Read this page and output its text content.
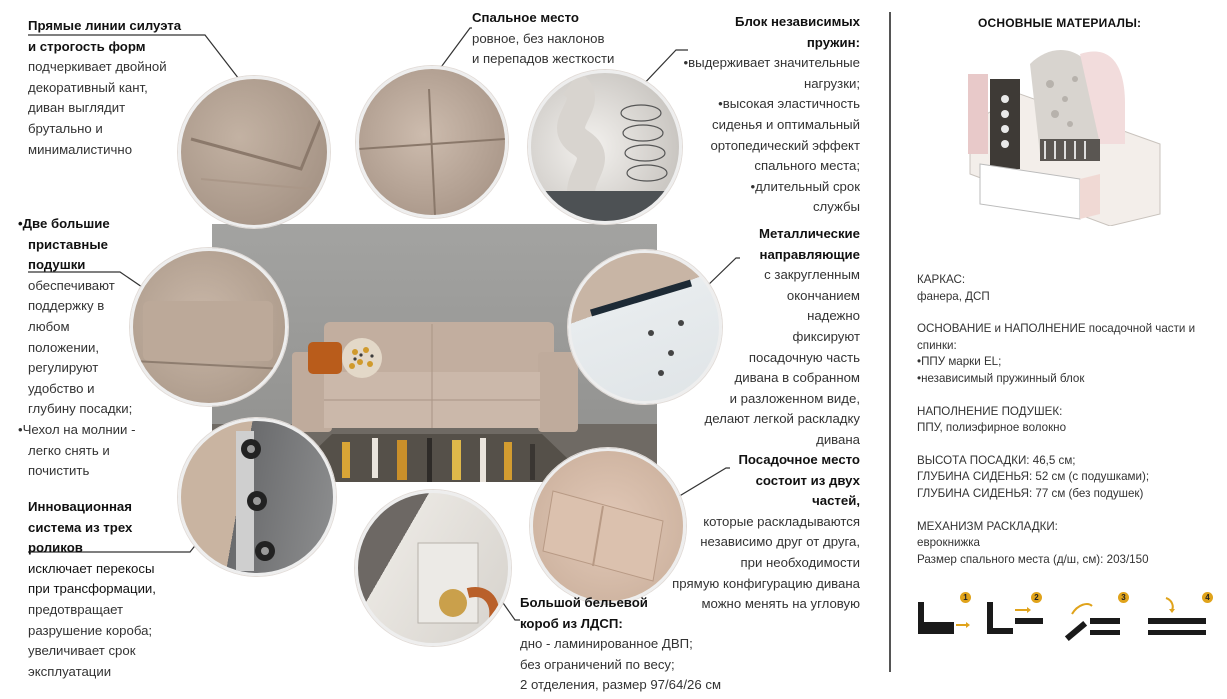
Прямые линии силуэта
и строгость форм
подчеркивает двойной
декоративный кант,
диван выглядит
брутально и
минималистично
Спальное место
ровное, без наклонов
и перепадов жесткости
Блок независимых
пружин:
• выдерживает значительные
нагрузки;
• высокая эластичность
сиденья и оптимальный
ортопедический эффект
спального места;
• длительный срок
службы
• Две большие
приставные
подушки
обеспечивают
поддержку в
любом
положении,
регулируют
удобство и
глубину посадки;
• Чехол на молнии -
легко снять и
почистить
Металлические
направляющие
с закругленным
окончанием
надежно
фиксируют
посадочную часть
дивана в собранном
и разложенном виде,
делают легкой раскладку
дивана
Инновационная
система из трех
роликов
исключает перекосы
при трансформации,
предотвращает
разрушение короба;
увеличивает срок
эксплуатации
Посадочное место
состоит из двух
частей,
которые раскладываются
независимо друг от друга,
при необходимости
прямую конфигурацию дивана
можно менять на угловую
Большой бельевой
короб из ЛДСП:
дно - ламинированное ДВП;
без ограничений по весу;
2 отделения, размер 97/64/26 см
ОСНОВНЫЕ МАТЕРИАЛЫ:
КАРКАС:
фанера, ДСП
ОСНОВАНИЕ и НАПОЛНЕНИЕ посадочной части и
спинки:
• ППУ марки EL;
• независимый пружинный блок
НАПОЛНЕНИЕ ПОДУШЕК:
ППУ, полиэфирное волокно
ВЫСОТА ПОСАДКИ: 46,5 см;
ГЛУБИНА СИДЕНЬЯ: 52 см (с подушками);
ГЛУБИНА СИДЕНЬЯ: 77 см (без подушек)
МЕХАНИЗМ РАСКЛАДКИ:
еврокнижка
Размер спального места (д/ш, см): 203/150
1	2	3	4
